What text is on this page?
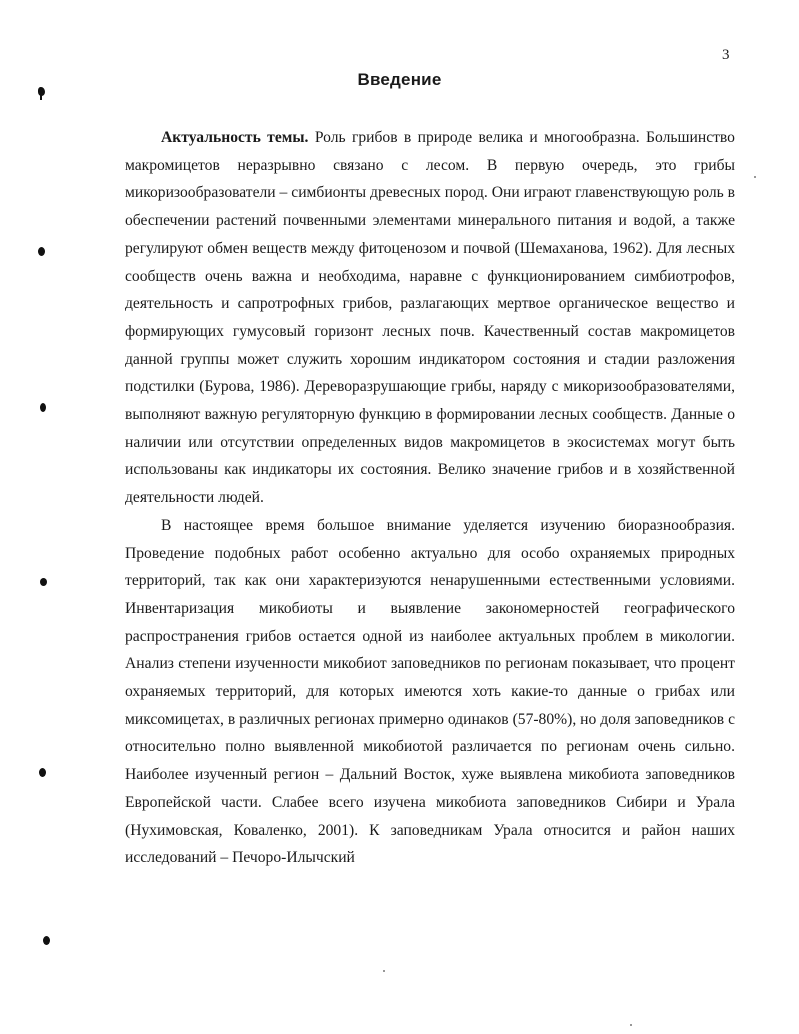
3
Введение

Актуальность темы. Роль грибов в природе велика и многообразна. Большинство макромицетов неразрывно связано с лесом. В первую очередь, это грибы микоризообразователи – симбионты древесных пород. Они играют главенствующую роль в обеспечении растений почвенными элементами минерального питания и водой, а также регулируют обмен веществ между фитоценозом и почвой (Шемаханова, 1962). Для лесных сообществ очень важна и необходима, наравне с функционированием симбиотрофов, деятельность и сапротрофных грибов, разлагающих мертвое органическое вещество и формирующих гумусовый горизонт лесных почв. Качественный состав макромицетов данной группы может служить хорошим индикатором состояния и стадии разложения подстилки (Бурова, 1986). Дереворазрушающие грибы, наряду с микоризообразователями, выполняют важную регуляторную функцию в формировании лесных сообществ. Данные о наличии или отсутствии определенных видов макромицетов в экосистемах могут быть использованы как индикаторы их состояния. Велико значение грибов и в хозяйственной деятельности людей.

В настоящее время большое внимание уделяется изучению биоразнообразия. Проведение подобных работ особенно актуально для особо охраняемых природных территорий, так как они характеризуются ненарушенными естественными условиями. Инвентаризация микобиоты и выявление закономерностей географического распространения грибов остается одной из наиболее актуальных проблем в микологии. Анализ степени изученности микобиот заповедников по регионам показывает, что процент охраняемых территорий, для которых имеются хоть какие-то данные о грибах или миксомицетах, в различных регионах примерно одинаков (57-80%), но доля заповедников с относительно полно выявленной микобиотой различается по регионам очень сильно. Наиболее изученный регион – Дальний Восток, хуже выявлена микобиота заповедников Европейской части. Слабее всего изучена микобиота заповедников Сибири и Урала (Нухимовская, Коваленко, 2001). К заповедникам Урала относится и район наших исследований – Печоро-Илычский
